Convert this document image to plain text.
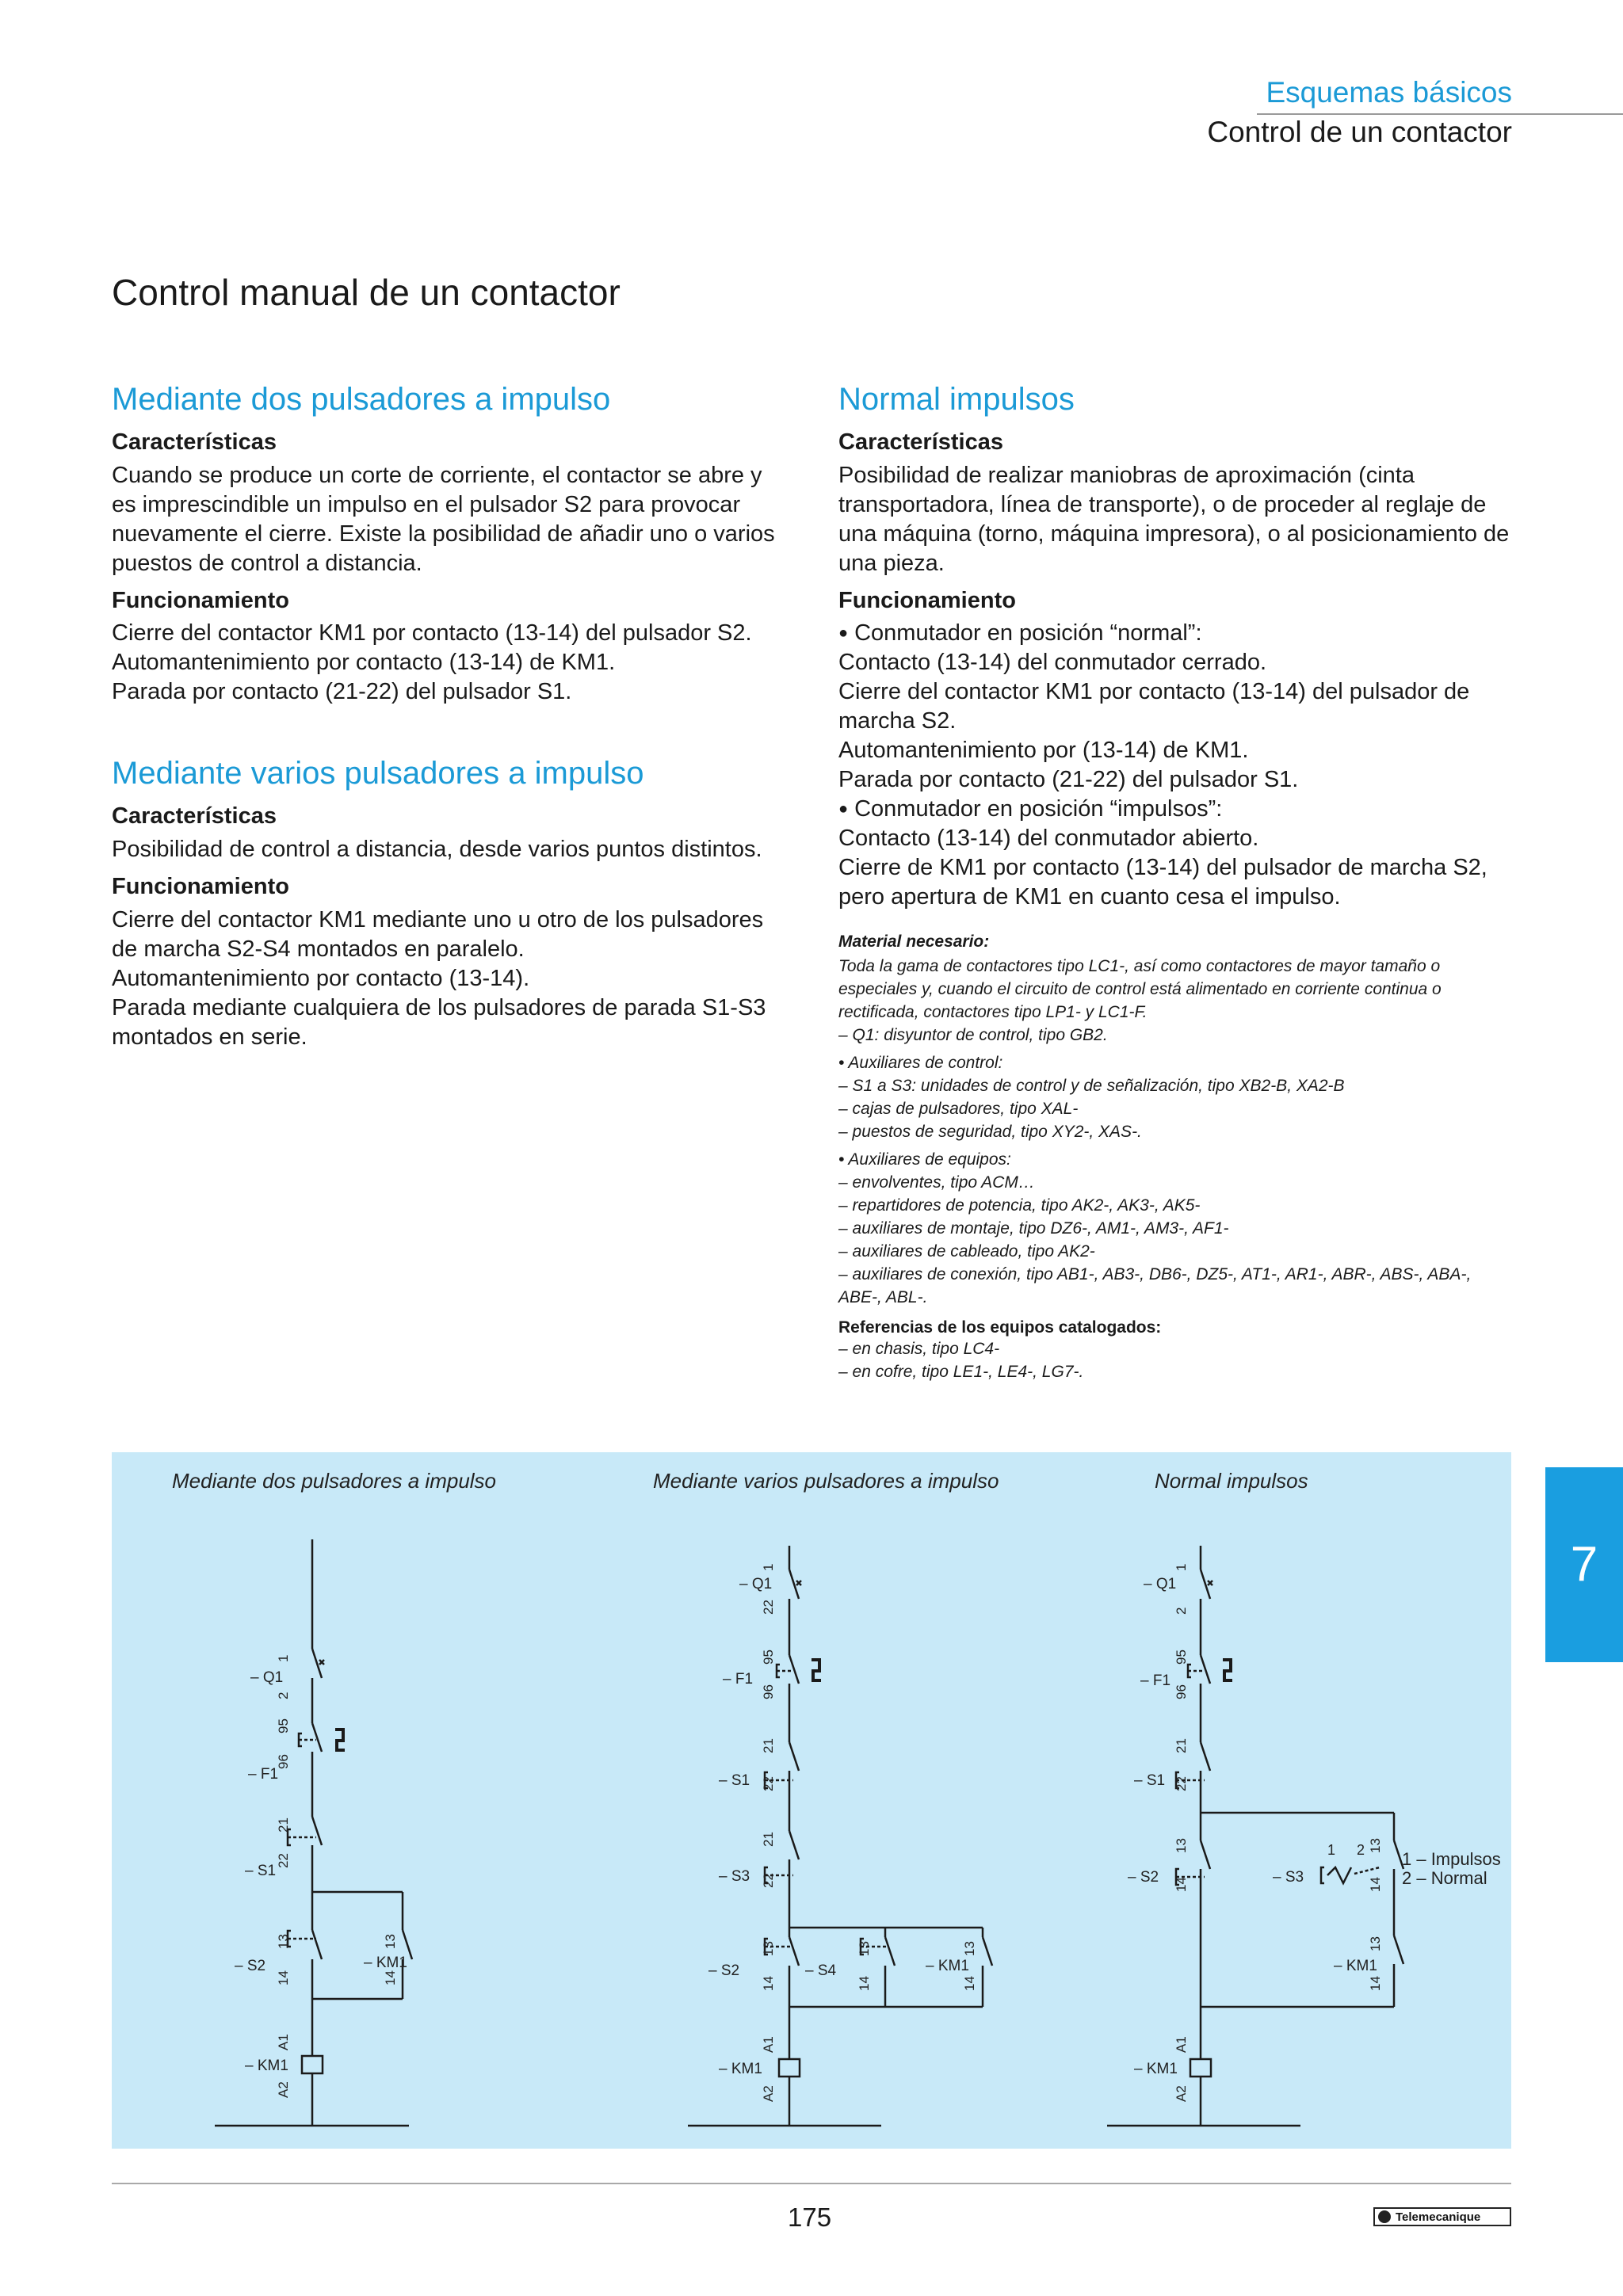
Esquemas básicos
Control de un contactor
Control manual de un contactor
Mediante dos pulsadores a impulso
Características

Cuando se produce un corte de corriente, el contactor se abre y es imprescindible un impulso en el pulsador S2 para provocar nuevamente el cierre. Existe la posibilidad de añadir uno o varios puestos de control a distancia.

Funcionamiento

Cierre del contactor KM1 por contacto (13-14) del pulsador S2.

Automantenimiento por contacto (13-14) de KM1.

Parada por contacto (21-22) del pulsador S1.

Mediante varios pulsadores a impulso
Características

Posibilidad de control a distancia, desde varios puntos distintos.

Funcionamiento

Cierre del contactor KM1 mediante uno u otro de los pulsadores de marcha S2-S4 montados en paralelo.

Automantenimiento por contacto (13-14).

Parada mediante cualquiera de los pulsadores de parada S1-S3 montados en serie.

Normal impulsos
Características

Posibilidad de realizar maniobras de aproximación (cinta transportadora, línea de transporte), o de proceder al reglaje de una máquina (torno, máquina impresora), o al posicionamiento de una pieza.

Funcionamiento

● Conmutador en posición “normal”:

Contacto (13-14) del conmutador cerrado.

Cierre del contactor KM1 por contacto (13-14) del pulsador de marcha S2.

Automantenimiento por (13-14) de KM1.

Parada por contacto (21-22) del pulsador S1.

● Conmutador en posición “impulsos”:

Contacto (13-14) del conmutador abierto.

Cierre de KM1 por contacto (13-14) del pulsador de marcha S2, pero apertura de KM1 en cuanto cesa el impulso.

Material necesario:

Toda la gama de contactores tipo LC1-, así como contactores de mayor tamaño o especiales y, cuando el circuito de control está alimentado en corriente continua o rectificada, contactores tipo LP1- y LC1-F.

– Q1: disyuntor de control, tipo GB2.

• Auxiliares de control:

– S1 a S3: unidades de control y de señalización, tipo XB2-B, XA2-B

– cajas de pulsadores, tipo XAL-

– puestos de seguridad, tipo XY2-, XAS-.

• Auxiliares de equipos:

– envolventes, tipo ACM…

– repartidores de potencia, tipo AK2-, AK3-, AK5-

– auxiliares de montaje, tipo DZ6-, AM1-, AM3-, AF1-

– auxiliares de cableado, tipo AK2-

– auxiliares de conexión, tipo AB1-, AB3-, DB6-, DZ5-, AT1-, AR1-, ABR-, ABS-, ABA-, ABE-, ABL-.

Referencias de los equipos catalogados:

– en chasis, tipo LC4-

– en cofre, tipo LE1-, LE4-, LG7-.

7
Mediante dos pulsadores a impulso
1
2
– Q1
95
96
– F1
21
22
– S1
13
14
– S2
13
14
– KM1
A1
A2
– KM1
Mediante varios pulsadores a impulso
1
22
– Q1
95
96
– F1
21
22
– S1
21
22
– S3
13
14
– S2
13
14
– S4
13
14
– KM1
A1
A2
– KM1
Normal impulsos
1
2
– Q1
95
96
– F1
21
22
– S1
13
14
– S2
1 2 13
14
– S3
1 – Impulsos
2 – Normal
13
14
– KM1
A1
A2
– KM1
175	Telemecanique
